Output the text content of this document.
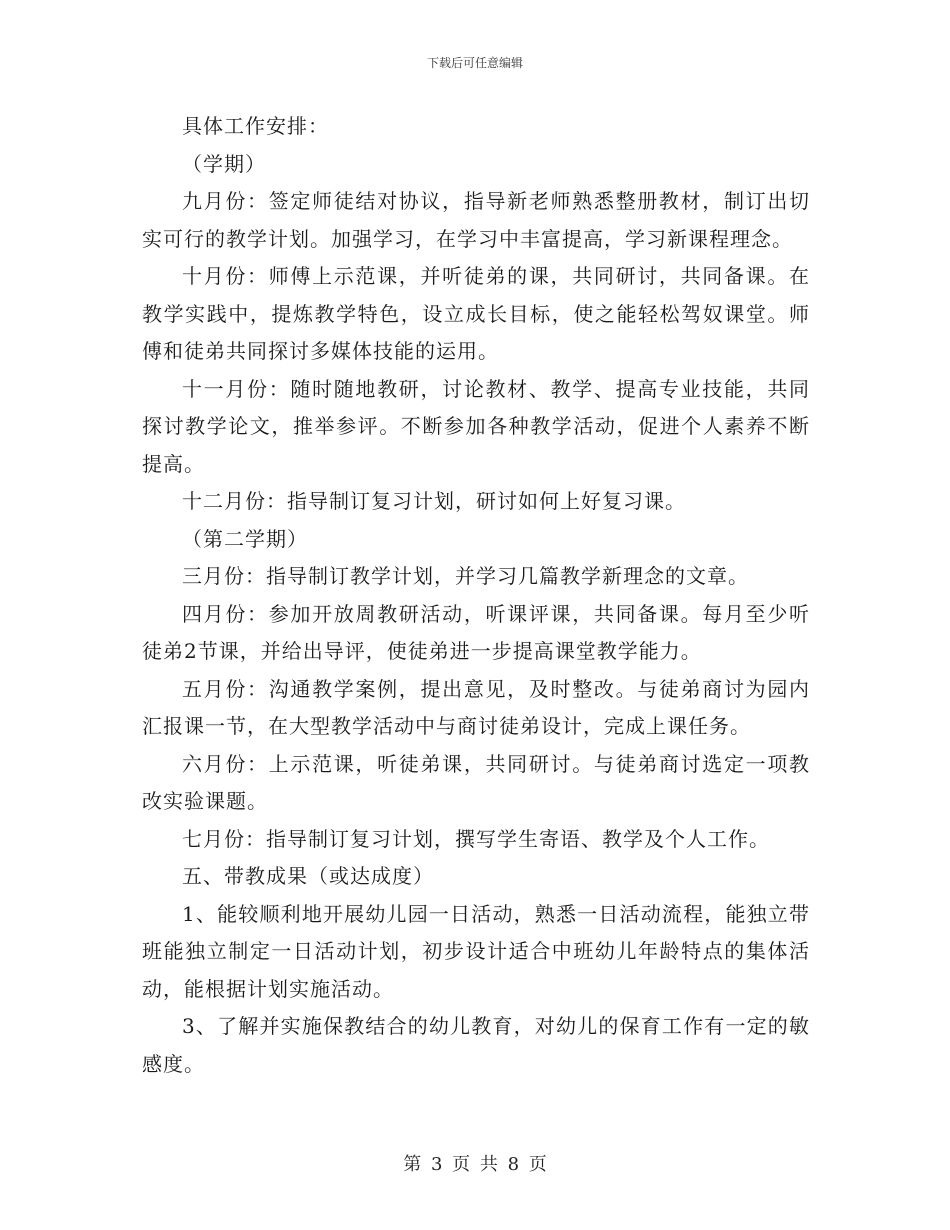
下载后可任意编辑

具体工作安排：

（学期）

九月份：签定师徒结对协议，指导新老师熟悉整册教材，制订出切实可行的教学计划。加强学习，在学习中丰富提高，学习新课程理念。

十月份：师傅上示范课，并听徒弟的课，共同研讨，共同备课。在教学实践中，提炼教学特色，设立成长目标，使之能轻松驾奴课堂。师傅和徒弟共同探讨多媒体技能的运用。

十一月份：随时随地教研，讨论教材、教学、提高专业技能，共同探讨教学论文，推举参评。不断参加各种教学活动，促进个人素养不断提高。

十二月份：指导制订复习计划，研讨如何上好复习课。

（第二学期）

三月份：指导制订教学计划，并学习几篇教学新理念的文章。

四月份：参加开放周教研活动，听课评课，共同备课。每月至少听徒弟2节课，并给出导评，使徒弟进一步提高课堂教学能力。

五月份：沟通教学案例，提出意见，及时整改。与徒弟商讨为园内汇报课一节，在大型教学活动中与商讨徒弟设计，完成上课任务。

六月份：上示范课，听徒弟课，共同研讨。与徒弟商讨选定一项教改实验课题。

七月份：指导制订复习计划，撰写学生寄语、教学及个人工作。

五、带教成果（或达成度）

1、能较顺利地开展幼儿园一日活动，熟悉一日活动流程，能独立带班能独立制定一日活动计划，初步设计适合中班幼儿年龄特点的集体活动，能根据计划实施活动。

3、了解并实施保教结合的幼儿教育，对幼儿的保育工作有一定的敏感度。

第 3 页 共 8 页
